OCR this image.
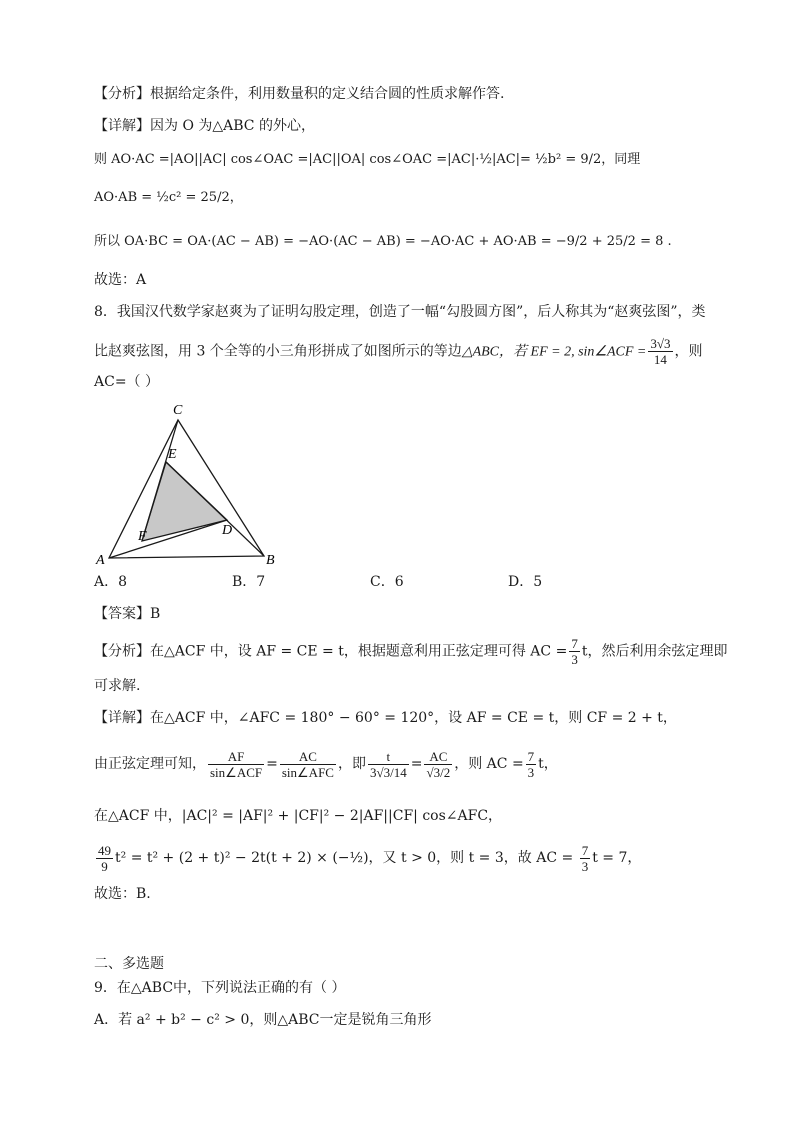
【分析】根据给定条件，利用数量积的定义结合圆的性质求解作答.
【详解】因为 O 为△ABC 的外心，
则 AO·AC =|AO||AC| cos∠OAC =|AC||OA| cos∠OAC =|AC|·½|AC|= ½b² = 9/2，同理
AO·AB = ½c² = 25/2，
所以 OA·BC = OA·(AC − AB) = −AO·(AC − AB) = −AO·AC + AO·AB = −9/2 + 25/2 = 8 .
故选：A
8．我国汉代数学家赵爽为了证明勾股定理，创造了一幅“勾股圆方图”，后人称其为“赵爽弦图”，类
比赵爽弦图，用 3 个全等的小三角形拼成了如图所示的等边△ABC，若 EF = 2, sin∠ACF = $\frac{3√3}{14}$ ，则
AC=（ ）
C
E
F	D
A	B
A．8	B．7	C．6	D．5
【答案】B
【分析】在△ACF 中，设 AF = CE = t，根据题意利用正弦定理可得 AC = $\frac{7}{3}$ t，然后利用余弦定理即
可求解.
【详解】在△ACF 中，∠AFC = 180° − 60° = 120°，设 AF = CE = t，则 CF = 2 + t，
由正弦定理可知， $\frac{AF}{\text{sin∠ACF}} = \frac{AC}{\text{sin∠AFC}}$ ，即 $\frac{t}{3√3/14} = \frac{AC}{√3/2}$ ，则 AC = $\frac{7}{3}$ t，
在△ACF 中，|AC|² = |AF|² + |CF|² − 2|AF||CF| cos∠AFC，
$\frac{49}{9} t^2 = t^2 + (2 + t)^2 - 2t(t + 2)$ × (−½)，又 t > 0，则 t = 3，故 AC = $\frac{7}{3}$ t = 7，
故选：B.
二、多选题
9．在△ABC中，下列说法正确的有（ ）
A．若 a² + b² − c² > 0，则△ABC一定是锐角三角形
